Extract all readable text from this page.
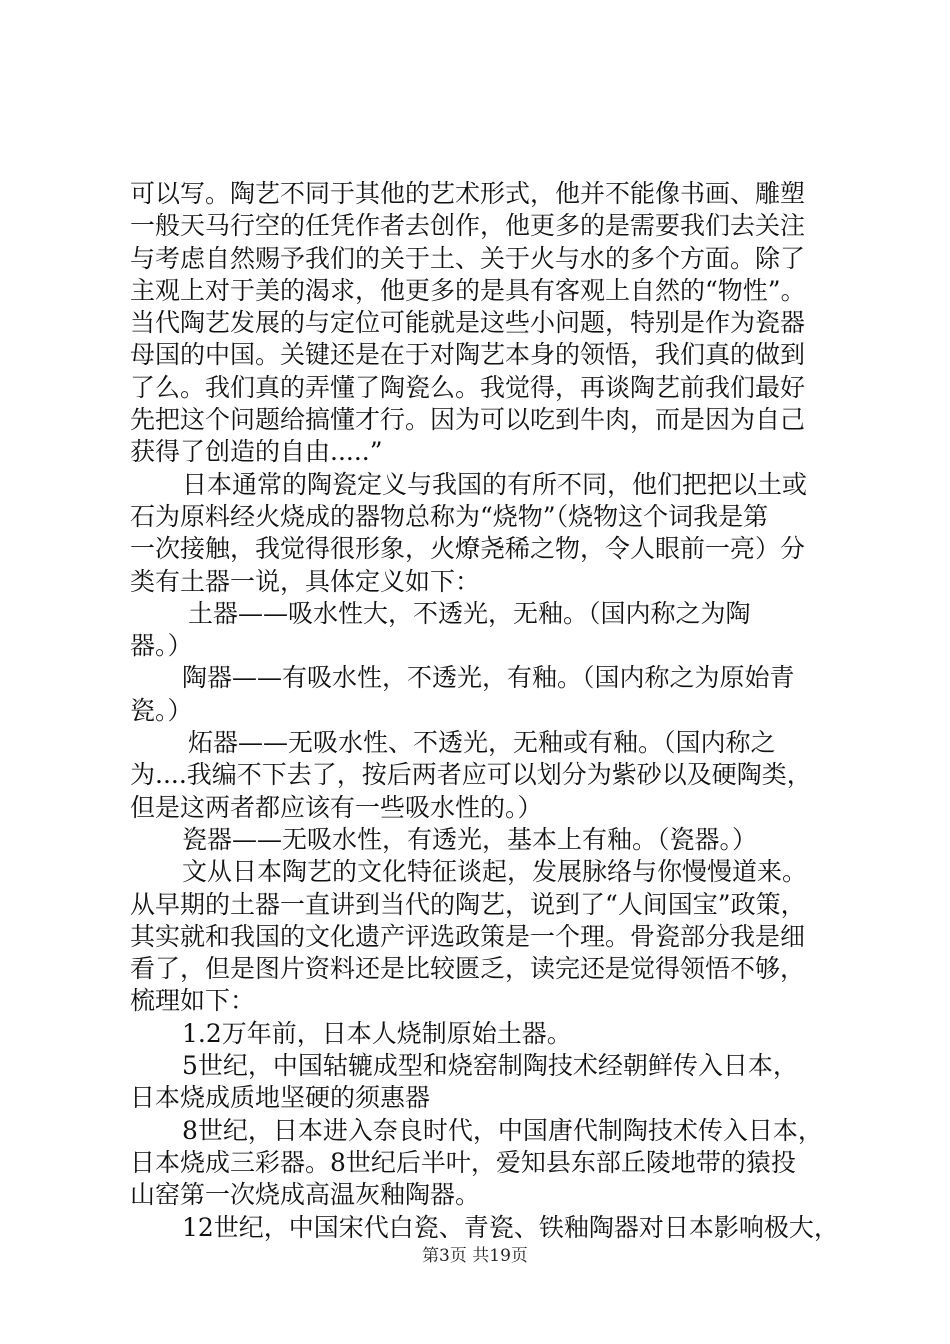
可以写。陶艺不同于其他的艺术形式，他并不能像书画、雕塑
一般天马行空的任凭作者去创作，他更多的是需要我们去关注
与考虑自然赐予我们的关于土、关于火与水的多个方面。除了
主观上对于美的渴求，他更多的是具有客观上自然的“物性”。
当代陶艺发展的与定位可能就是这些小问题，特别是作为瓷器
母国的中国。关键还是在于对陶艺本身的领悟，我们真的做到
了么。我们真的弄懂了陶瓷么。我觉得，再谈陶艺前我们最好
先把这个问题给搞懂才行。因为可以吃到牛肉，而是因为自己
获得了创造的自由.....”
日本通常的陶瓷定义与我国的有所不同，他们把把以土或
石为原料经火烧成的器物总称为“烧物”（烧物这个词我是第
一次接触，我觉得很形象，火燎尧稀之物，令人眼前一亮）分
类有土器一说，具体定义如下：
土器——吸水性大，不透光，无釉。（国内称之为陶
器。）
陶器——有吸水性，不透光，有釉。（国内称之为原始青
瓷。）
炻器——无吸水性、不透光，无釉或有釉。（国内称之
为....我编不下去了，按后两者应可以划分为紫砂以及硬陶类，
但是这两者都应该有一些吸水性的。）
瓷器——无吸水性，有透光，基本上有釉。（瓷器。）
文从日本陶艺的文化特征谈起，发展脉络与你慢慢道来。
从早期的土器一直讲到当代的陶艺，说到了“人间国宝”政策，
其实就和我国的文化遗产评选政策是一个理。骨瓷部分我是细
看了，但是图片资料还是比较匮乏，读完还是觉得领悟不够，
梳理如下：
1.2万年前，日本人烧制原始土器。
5世纪，中国轱辘成型和烧窑制陶技术经朝鲜传入日本，
日本烧成质地坚硬的须惠器
8世纪，日本进入奈良时代，中国唐代制陶技术传入日本，
日本烧成三彩器。8世纪后半叶，爱知县东部丘陵地带的猿投
山窑第一次烧成高温灰釉陶器。
12世纪，中国宋代白瓷、青瓷、铁釉陶器对日本影响极大，
第3页 共19页
